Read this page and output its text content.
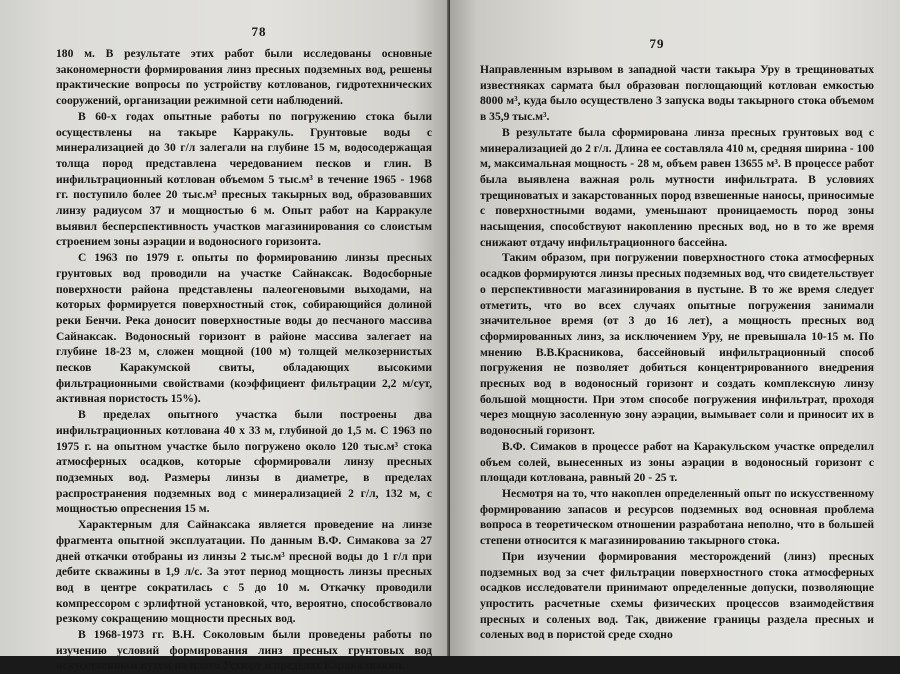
78

180 м. В результате этих работ были исследованы основные закономерности формирования линз пресных подземных вод, решены практические вопросы по устройству котлованов, гидротехнических сооружений, организации режимной сети наблюдений.

В 60-х годах опытные работы по погружению стока были осуществлены на такыре Карракуль. Грунтовые воды с минерализацией до 30 г/л залегали на глубине 15 м, водосодержащая толща пород представлена чередованием песков и глин. В инфильтрационный котлован объемом 5 тыс.м³ в течение 1965 - 1968 гг. поступило более 20 тыс.м³ пресных такырных вод, образовавших линзу радиусом 37 и мощностью 6 м. Опыт работ на Карракуле выявил бесперспективность участков магазинирования со слоистым строением зоны аэрации и водоносного горизонта.

С 1963 по 1979 г. опыты по формированию линзы пресных грунтовых вод проводили на участке Сайнаксак. Водосборные поверхности района представлены палеогеновыми выходами, на которых формируется поверхностный сток, собирающийся долиной реки Бенчи. Река доносит поверхностные воды до песчаного массива Сайнаксак. Водоносный горизонт в районе массива залегает на глубине 18-23 м, сложен мощной (100 м) толщей мелкозернистых песков Каракумской свиты, обладающих высокими фильтрационными свойствами (коэффициент фильтрации 2,2 м/сут, активная пористость 15%).

В пределах опытного участка были построены два инфильтрационных котлована 40 х 33 м, глубиной до 1,5 м. С 1963 по 1975 г. на опытном участке было погружено около 120 тыс.м³ стока атмосферных осадков, которые сформировали линзу пресных подземных вод. Размеры линзы в диаметре, в пределах распространения подземных вод с минерализацией 2 г/л, 132 м, с мощностью опреснения 15 м.

Характерным для Сайнаксака является проведение на линзе фрагмента опытной эксплуатации. По данным В.Ф. Симакова за 27 дней откачки отобраны из линзы 2 тыс.м³ пресной воды до 1 г/л при дебите скважины в 1,9 л/с. За этот период мощность линзы пресных вод в центре сократилась с 5 до 10 м. Откачку проводили компрессором с эрлифтной установкой, что, вероятно, способствовало резкому сокращению мощности пресных вод.

В 1968-1973 гг. В.Н. Соколовым были проведены работы по изучению условий формирования линз пресных грунтовых вод искусственным путем на плато Устюрт в пределах Каракалпакии.

79

Направленным взрывом в западной части такыра Уру в трещиноватых известняках сармата был образован поглощающий котлован емкостью 8000 м³, куда было осуществлено 3 запуска воды такырного стока объемом в 35,9 тыс.м³.

В результате была сформирована линза пресных грунтовых вод с минерализацией до 2 г/л. Длина ее составляла 410 м, средняя ширина - 100 м, максимальная мощность - 28 м, объем равен 13655 м³. В процессе работ была выявлена важная роль мутности инфильтрата. В условиях трещиноватых и закарстованных пород взвешенные наносы, приносимые с поверхностными водами, уменьшают проницаемость пород зоны насыщения, способствуют накоплению пресных вод, но в то же время снижают отдачу инфильтрационного бассейна.

Таким образом, при погружении поверхностного стока атмосферных осадков формируются линзы пресных подземных вод, что свидетельствует о перспективности магазинирования в пустыне. В то же время следует отметить, что во всех случаях опытные погружения занимали значительное время (от 3 до 16 лет), а мощность пресных вод сформированных линз, за исключением Уру, не превышала 10-15 м. По мнению В.В.Красникова, бассейновый инфильтрационный способ погружения не позволяет добиться концентрированного внедрения пресных вод в водоносный горизонт и создать комплексную линзу большой мощности. При этом способе погружения инфильтрат, проходя через мощную засоленную зону аэрации, вымывает соли и приносит их в водоносный горизонт.

В.Ф. Симаков в процессе работ на Каракульском участке определил объем солей, вынесенных из зоны аэрации в водоносный горизонт с площади котлована, равный 20 - 25 т.

Несмотря на то, что накоплен определенный опыт по искусственному формированию запасов и ресурсов подземных вод основная проблема вопроса в теоретическом отношении разработана неполно, что в большей степени относится к магазинированию такырного стока.

При изучении формирования месторождений (линз) пресных подземных вод за счет фильтрации поверхностного стока атмосферных осадков исследователи принимают определенные допуски, позволяющие упростить расчетные схемы физических процессов взаимодействия пресных и соленых вод. Так, движение границы раздела пресных и соленых вод в пористой среде сходно
